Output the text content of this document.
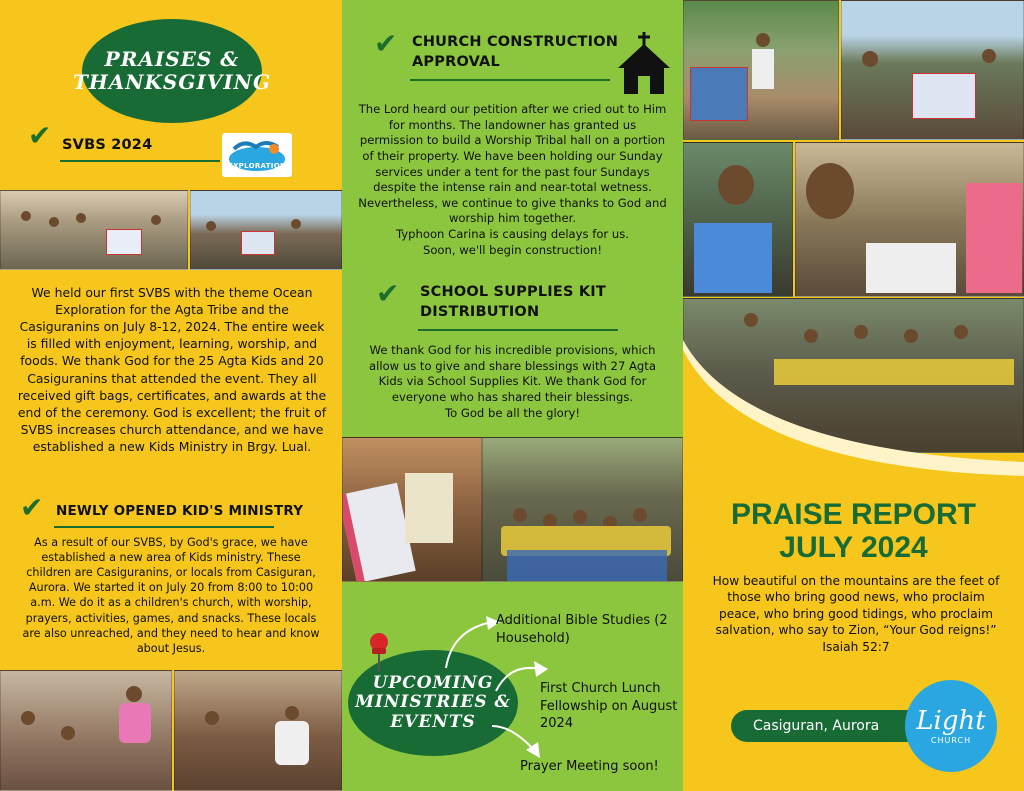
PRAISES &
THANKSGIVING
✔ SVBS 2024
EXPLORATION
We held our first SVBS with the theme Ocean Exploration for the Agta Tribe and the Casiguranins on July 8-12, 2024. The entire week is filled with enjoyment, learning, worship, and foods. We thank God for the 25 Agta Kids and 20 Casiguranins that attended the event. They all received gift bags, certificates, and awards at the end of the ceremony. God is excellent; the fruit of SVBS increases church attendance, and we have established a new Kids Ministry in Brgy. Lual.
✔ NEWLY OPENED KID'S MINISTRY
As a result of our SVBS, by God's grace, we have established a new area of Kids ministry. These children are Casiguranins, or locals from Casiguran, Aurora. We started it on July 20 from 8:00 to 10:00 a.m. We do it as a children's church, with worship, prayers, activities, games, and snacks. These locals are also unreached, and they need to hear and know about Jesus.
✔ CHURCH CONSTRUCTION
APPROVAL
The Lord heard our petition after we cried out to Him for months. The landowner has granted us permission to build a Worship Tribal hall on a portion of their property. We have been holding our Sunday services under a tent for the past four Sundays despite the intense rain and near-total wetness. Nevertheless, we continue to give thanks to God and worship him together.
Typhoon Carina is causing delays for us.
Soon, we'll begin construction!
✔ SCHOOL SUPPLIES KIT
DISTRIBUTION
We thank God for his incredible provisions, which allow us to give and share blessings with 27 Agta Kids via School Supplies Kit. We thank God for everyone who has shared their blessings.
To God be all the glory!
UPCOMING
MINISTRIES &
EVENTS
Additional Bible Studies (2 Household)
First Church Lunch Fellowship on August 2024
Prayer Meeting soon!
PRAISE REPORT
JULY 2024
How beautiful on the mountains are the feet of those who bring good news, who proclaim peace, who bring good tidings, who proclaim salvation, who say to Zion, “Your God reigns!” Isaiah 52:7
Casiguran, Aurora Light
CHURCH
